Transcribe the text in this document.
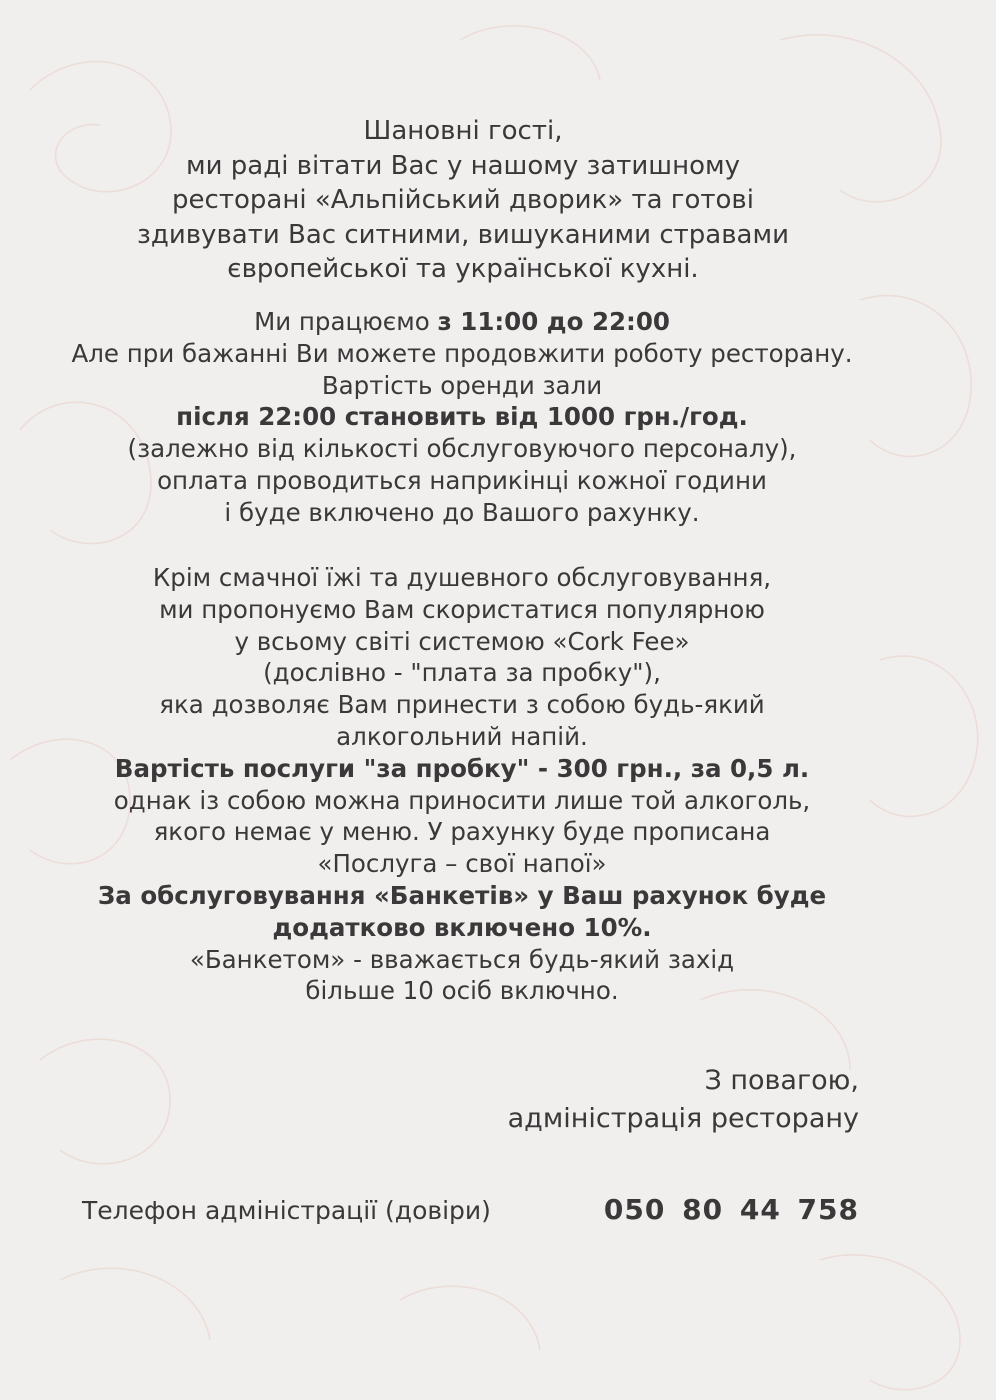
Шановні гості,
ми раді вітати Вас у нашому затишному
ресторані «Альпійський дворик» та готові
здивувати Вас ситними, вишуканими стравами
європейської та української кухні.
Ми працюємо з 11:00 до 22:00
Але при бажанні Ви можете продовжити роботу ресторану.
Вартість оренди зали
після 22:00 становить від 1000 грн./год.
(залежно від кількості обслуговуючого персоналу),
оплата проводиться наприкінці кожної години
і буде включено до Вашого рахунку.
Крім смачної їжі та душевного обслуговування,
ми пропонуємо Вам скористатися популярною
у всьому світі системою «Cork Fee»
(дослівно - "плата за пробку"),
яка дозволяє Вам принести з собою будь-який
алкогольний напій.
Вартість послуги "за пробку" - 300 грн., за 0,5 л.
однак із собою можна приносити лише той алкоголь,
якого немає у меню. У рахунку буде прописана
«Послуга – свої напої»
За обслуговування «Банкетів» у Ваш рахунок буде
додатково включено 10%.
«Банкетом» - вважається будь-який захід
більше 10 осіб включно.
З повагою,
адміністрація ресторану
Телефон адміністрації (довіри)	050 80 44 758
